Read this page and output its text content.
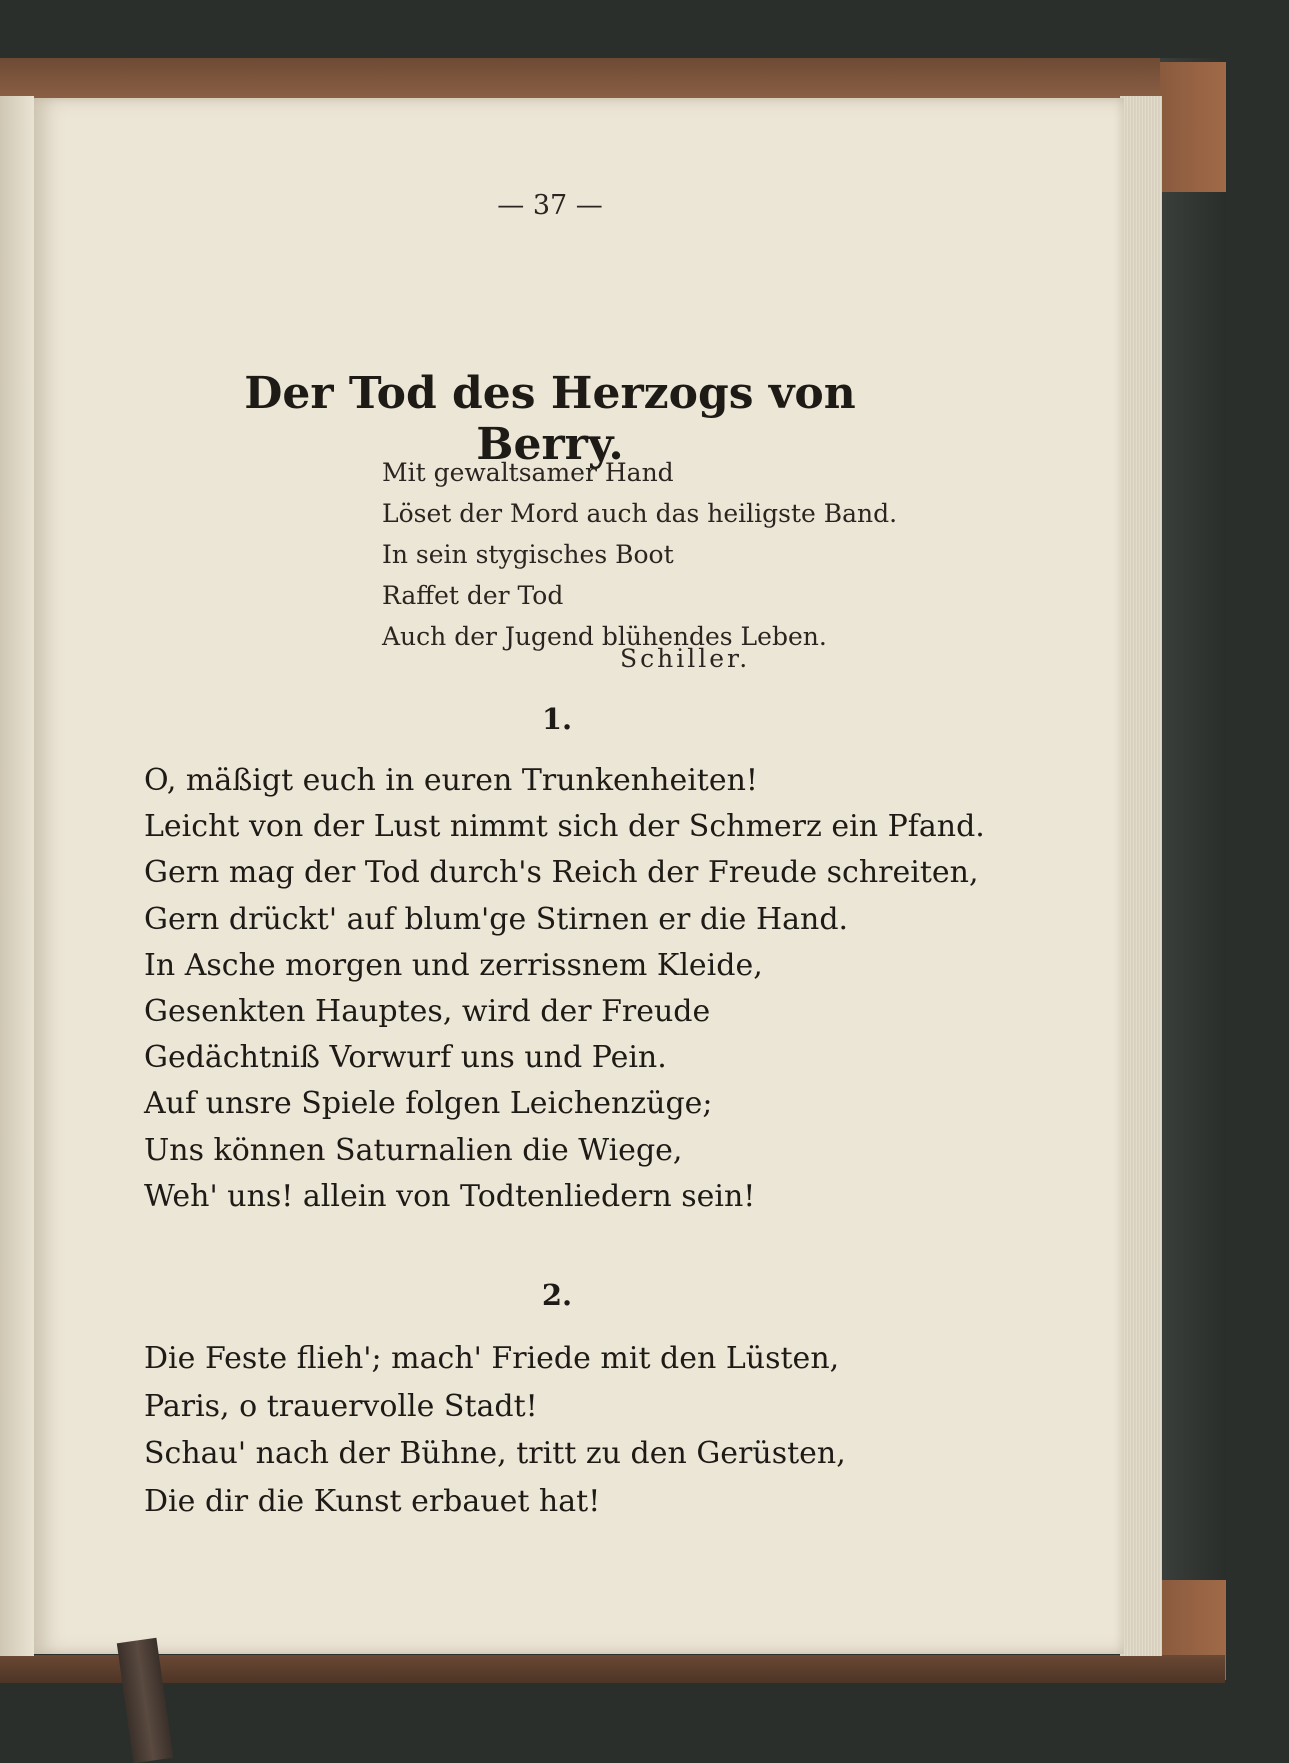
— 37 —
Der Tod des Herzogs von Berry.
Mit gewaltsamer Hand
Löset der Mord auch das heiligste Band.
In sein stygisches Boot
Raffet der Tod
Auch der Jugend blühendes Leben.
Schiller.
1.
O, mäßigt euch in euren Trunkenheiten!
Leicht von der Lust nimmt sich der Schmerz ein Pfand.
Gern mag der Tod durch's Reich der Freude schreiten,
Gern drückt' auf blum'ge Stirnen er die Hand.
In Asche morgen und zerrissnem Kleide,
Gesenkten Hauptes, wird der Freude
Gedächtniß Vorwurf uns und Pein.
Auf unsre Spiele folgen Leichenzüge;
Uns können Saturnalien die Wiege,
Weh' uns! allein von Todtenliedern sein!
2.
Die Feste flieh'; mach' Friede mit den Lüsten,
Paris, o trauervolle Stadt!
Schau' nach der Bühne, tritt zu den Gerüsten,
Die dir die Kunst erbauet hat!
